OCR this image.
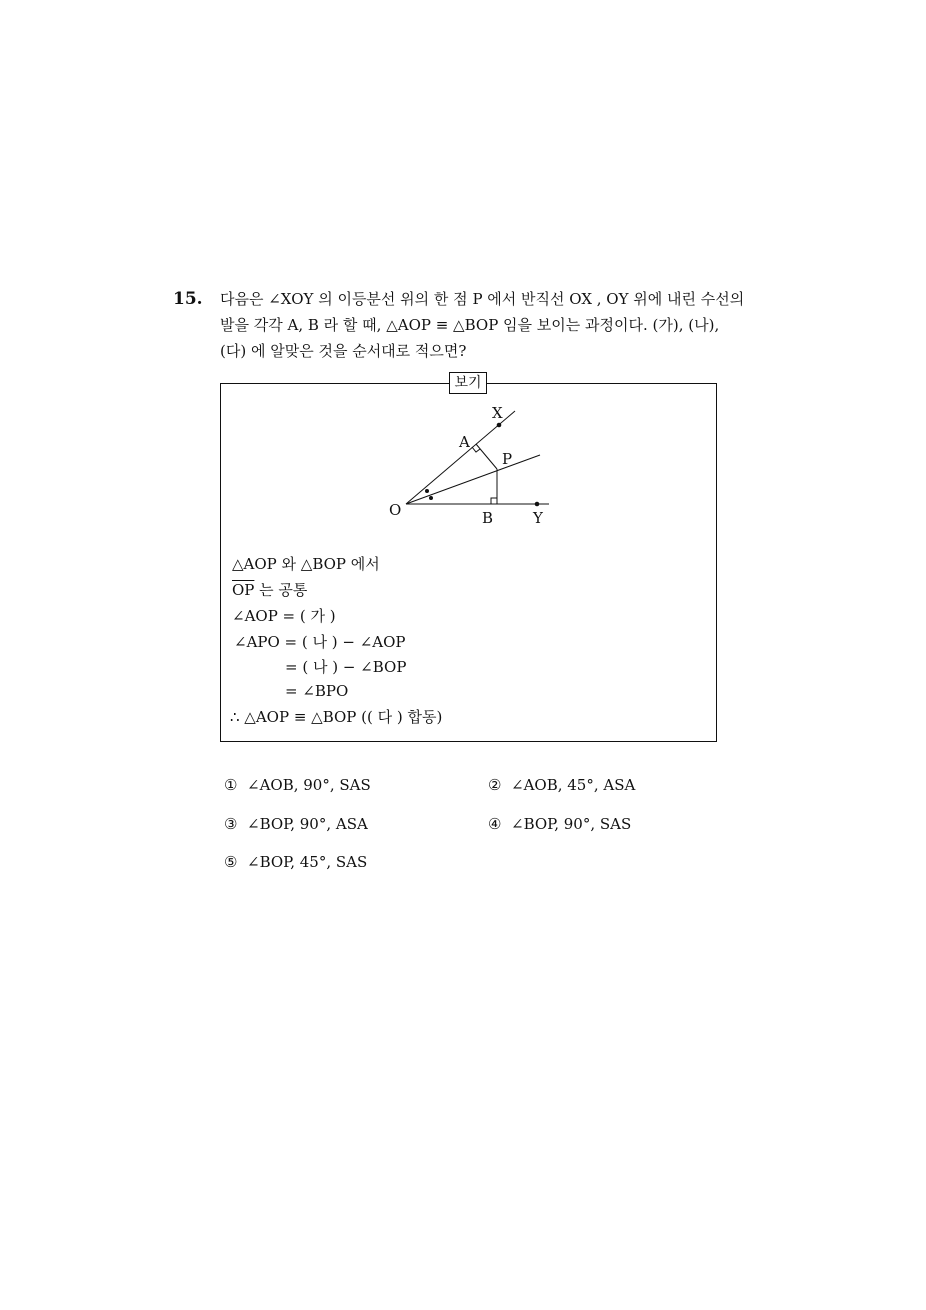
15. 다음은 ∠XOY 의 이등분선 위의 한 점 P 에서 반직선 OX , OY 위에 내린 수선의
발을 각각 A, B 라 할 때, △AOP ≡ △BOP 임을 보이는 과정이다. (가), (나),
(다) 에 알맞은 것을 순서대로 적으면?
보기
X
A
P
O	B	Y
△AOP 와 △BOP 에서
$\overline{OP}$ 는 공통
∠AOP = ( 가 )
∠APO = ( 나 ) − ∠AOP
= ( 나 ) − ∠BOP
= ∠BPO
∴ △AOP ≡ △BOP (( 다 ) 합동)
① ∠AOB, 90°, SAS	② ∠AOB, 45°, ASA
③ ∠BOP, 90°, ASA	④ ∠BOP, 90°, SAS
⑤ ∠BOP, 45°, SAS
